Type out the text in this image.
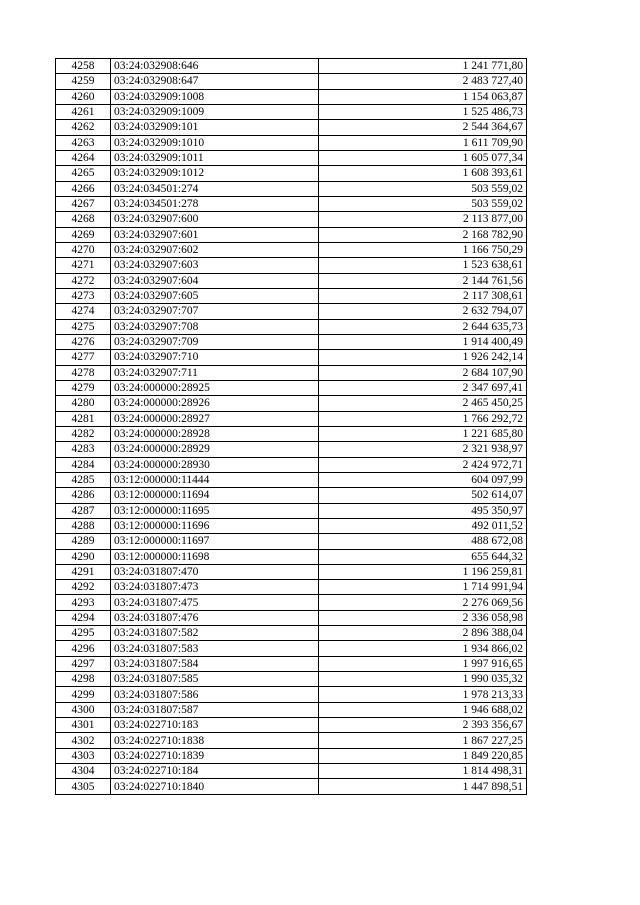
4258	03:24:032908:646	1 241 771,80
4259	03:24:032908:647	2 483 727,40
4260	03:24:032909:1008	1 154 063,87
4261	03:24:032909:1009	1 525 486,73
4262	03:24:032909:101	2 544 364,67
4263	03:24:032909:1010	1 611 709,90
4264	03:24:032909:1011	1 605 077,34
4265	03:24:032909:1012	1 608 393,61
4266	03:24:034501:274	503 559,02
4267	03:24:034501:278	503 559,02
4268	03:24:032907:600	2 113 877,00
4269	03:24:032907:601	2 168 782,90
4270	03:24:032907:602	1 166 750,29
4271	03:24:032907:603	1 523 638,61
4272	03:24:032907:604	2 144 761,56
4273	03:24:032907:605	2 117 308,61
4274	03:24:032907:707	2 632 794,07
4275	03:24:032907:708	2 644 635,73
4276	03:24:032907:709	1 914 400,49
4277	03:24:032907:710	1 926 242,14
4278	03:24:032907:711	2 684 107,90
4279	03:24:000000:28925	2 347 697,41
4280	03:24:000000:28926	2 465 450,25
4281	03:24:000000:28927	1 766 292,72
4282	03:24:000000:28928	1 221 685,80
4283	03:24:000000:28929	2 321 938,97
4284	03:24:000000:28930	2 424 972,71
4285	03:12:000000:11444	604 097,99
4286	03:12:000000:11694	502 614,07
4287	03:12:000000:11695	495 350,97
4288	03:12:000000:11696	492 011,52
4289	03:12:000000:11697	488 672,08
4290	03:12:000000:11698	655 644,32
4291	03:24:031807:470	1 196 259,81
4292	03:24:031807:473	1 714 991,94
4293	03:24:031807:475	2 276 069,56
4294	03:24:031807:476	2 336 058,98
4295	03:24:031807:582	2 896 388,04
4296	03:24:031807:583	1 934 866,02
4297	03:24:031807:584	1 997 916,65
4298	03:24:031807:585	1 990 035,32
4299	03:24:031807:586	1 978 213,33
4300	03:24:031807:587	1 946 688,02
4301	03:24:022710:183	2 393 356,67
4302	03:24:022710:1838	1 867 227,25
4303	03:24:022710:1839	1 849 220,85
4304	03:24:022710:184	1 814 498,31
4305	03:24:022710:1840	1 447 898,51
